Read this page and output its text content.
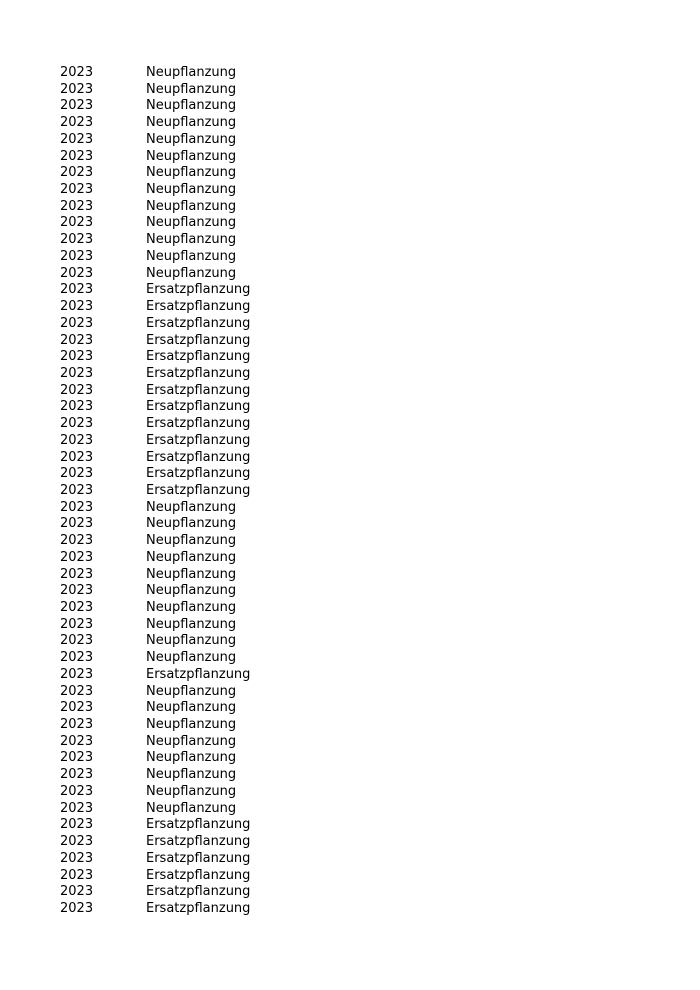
2023	Neupflanzung
2023	Neupflanzung
2023	Neupflanzung
2023	Neupflanzung
2023	Neupflanzung
2023	Neupflanzung
2023	Neupflanzung
2023	Neupflanzung
2023	Neupflanzung
2023	Neupflanzung
2023	Neupflanzung
2023	Neupflanzung
2023	Neupflanzung
2023	Ersatzpflanzung
2023	Ersatzpflanzung
2023	Ersatzpflanzung
2023	Ersatzpflanzung
2023	Ersatzpflanzung
2023	Ersatzpflanzung
2023	Ersatzpflanzung
2023	Ersatzpflanzung
2023	Ersatzpflanzung
2023	Ersatzpflanzung
2023	Ersatzpflanzung
2023	Ersatzpflanzung
2023	Ersatzpflanzung
2023	Neupflanzung
2023	Neupflanzung
2023	Neupflanzung
2023	Neupflanzung
2023	Neupflanzung
2023	Neupflanzung
2023	Neupflanzung
2023	Neupflanzung
2023	Neupflanzung
2023	Neupflanzung
2023	Ersatzpflanzung
2023	Neupflanzung
2023	Neupflanzung
2023	Neupflanzung
2023	Neupflanzung
2023	Neupflanzung
2023	Neupflanzung
2023	Neupflanzung
2023	Neupflanzung
2023	Ersatzpflanzung
2023	Ersatzpflanzung
2023	Ersatzpflanzung
2023	Ersatzpflanzung
2023	Ersatzpflanzung
2023	Ersatzpflanzung
